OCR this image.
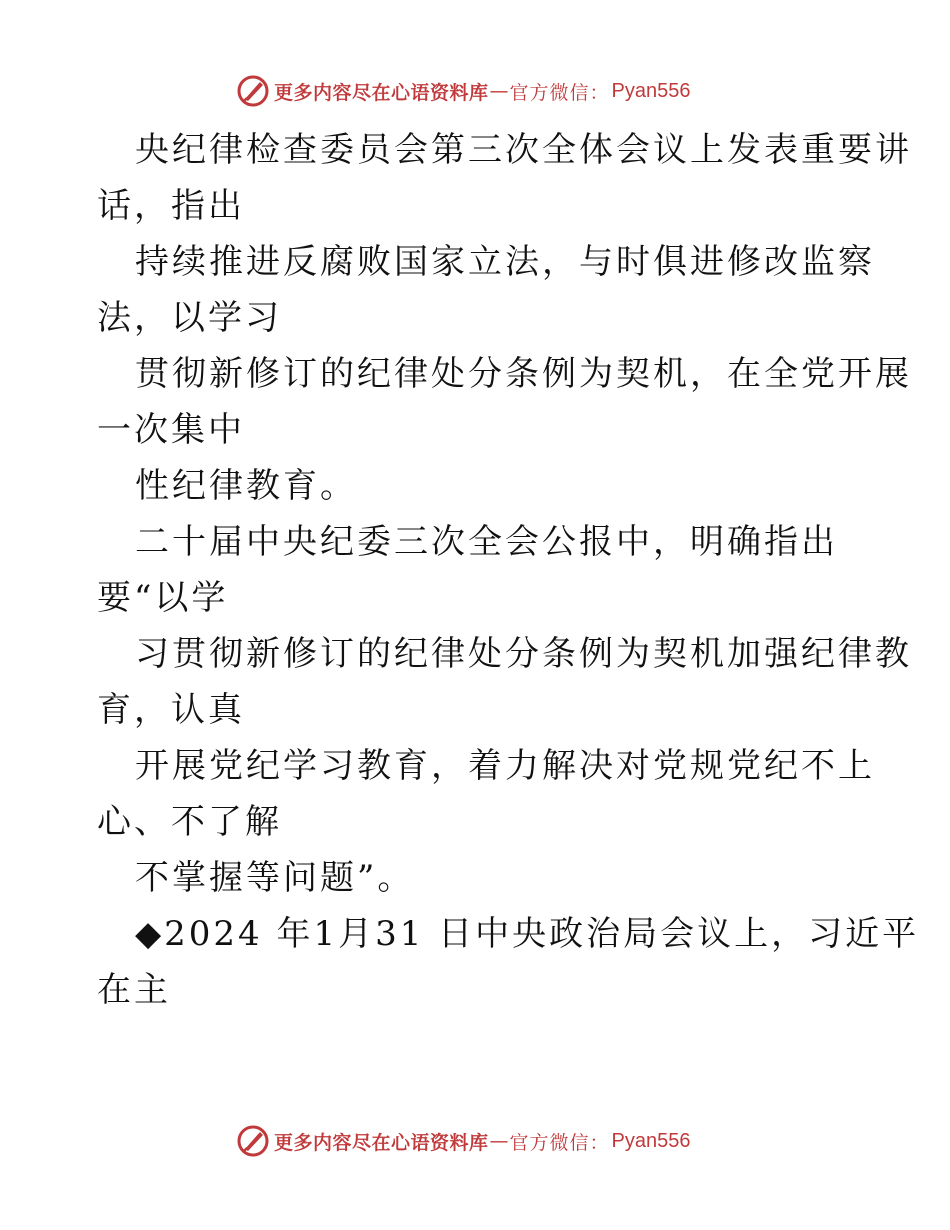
更多内容尽在心语资料库 — 官方微信： Pyan556
央纪律检查委员会第三次全体会议上发表重要讲
话，指出
持续推进反腐败国家立法，与时俱进修改监察
法，以学习
贯彻新修订的纪律处分条例为契机，在全党开展
一次集中
性纪律教育。
二十届中央纪委三次全会公报中，明确指出
要“以学
习贯彻新修订的纪律处分条例为契机加强纪律教
育，认真
开展党纪学习教育，着力解决对党规党纪不上
心、不了解
不掌握等问题”。
◆2024 年1月31 日中央政治局会议上，习近平
在主
更多内容尽在心语资料库 — 官方微信： Pyan556
